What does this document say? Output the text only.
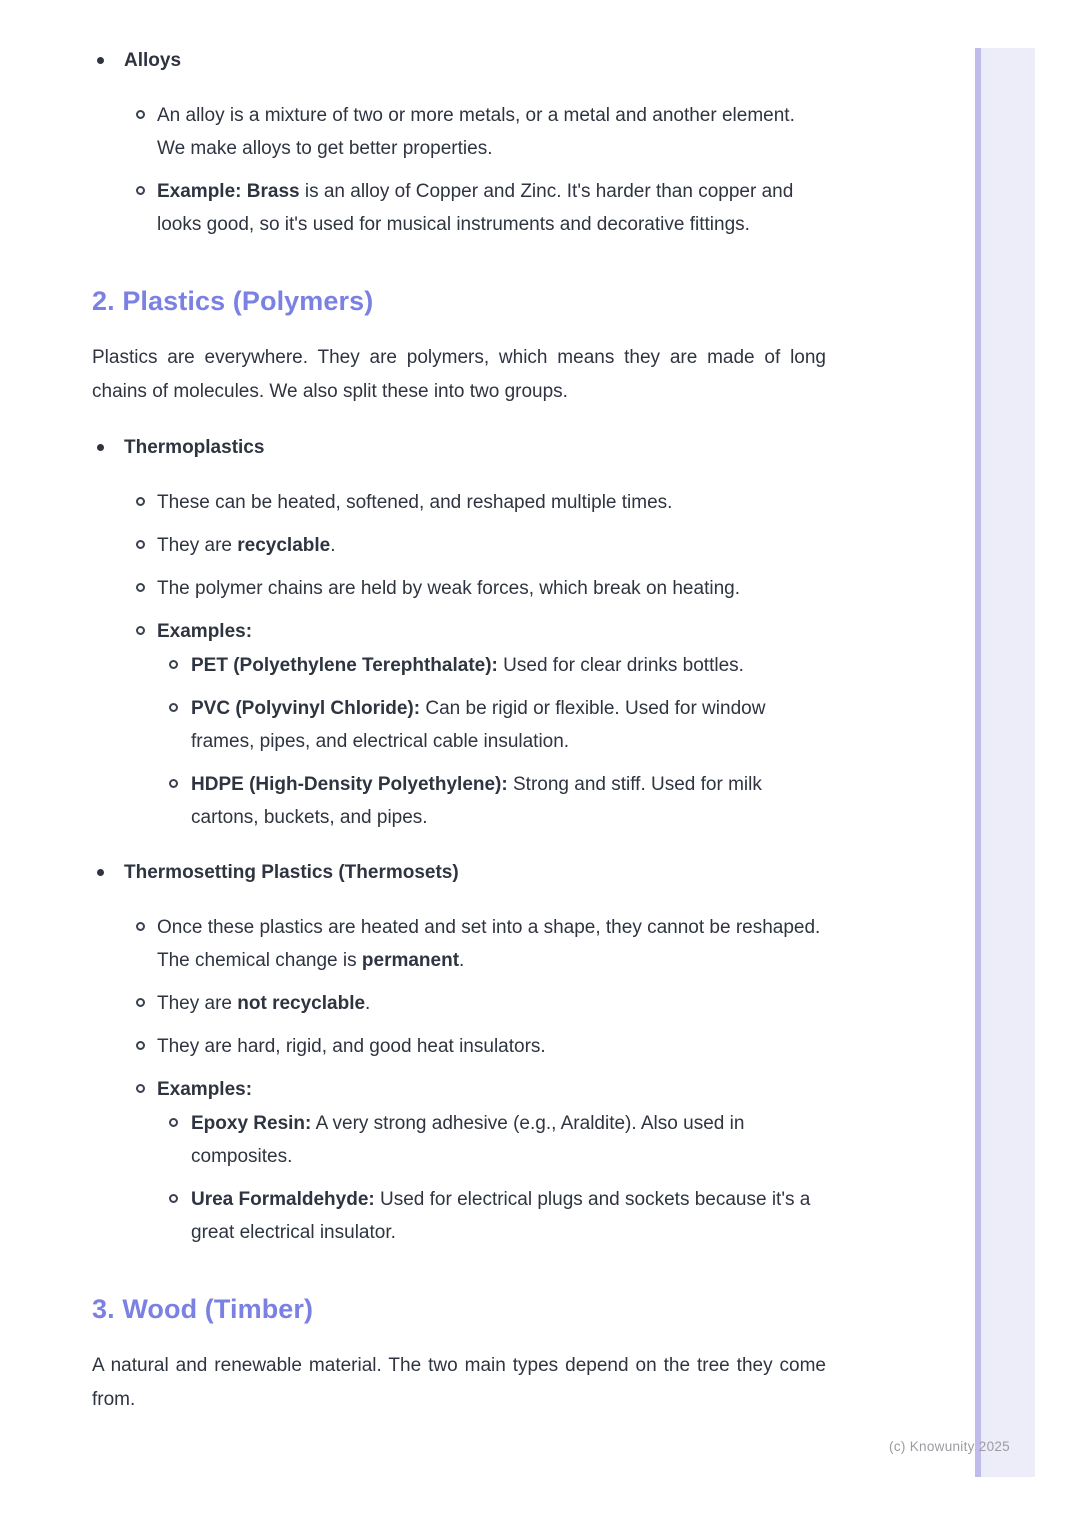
Alloys
An alloy is a mixture of two or more metals, or a metal and another element. We make alloys to get better properties.
Example: Brass is an alloy of Copper and Zinc. It's harder than copper and looks good, so it's used for musical instruments and decorative fittings.
2. Plastics (Polymers)

Plastics are everywhere. They are polymers, which means they are made of long chains of molecules. We also split these into two groups.

Thermoplastics
These can be heated, softened, and reshaped multiple times.
They are recyclable.
The polymer chains are held by weak forces, which break on heating.
Examples:
PET (Polyethylene Terephthalate): Used for clear drinks bottles.
PVC (Polyvinyl Chloride): Can be rigid or flexible. Used for window frames, pipes, and electrical cable insulation.
HDPE (High-Density Polyethylene): Strong and stiff. Used for milk cartons, buckets, and pipes.
Thermosetting Plastics (Thermosets)
Once these plastics are heated and set into a shape, they cannot be reshaped. The chemical change is permanent.
They are not recyclable.
They are hard, rigid, and good heat insulators.
Examples:
Epoxy Resin: A very strong adhesive (e.g., Araldite). Also used in composites.
Urea Formaldehyde: Used for electrical plugs and sockets because it's a great electrical insulator.
3. Wood (Timber)

A natural and renewable material. The two main types depend on the tree they come from.

(c) Knowunity 2025
